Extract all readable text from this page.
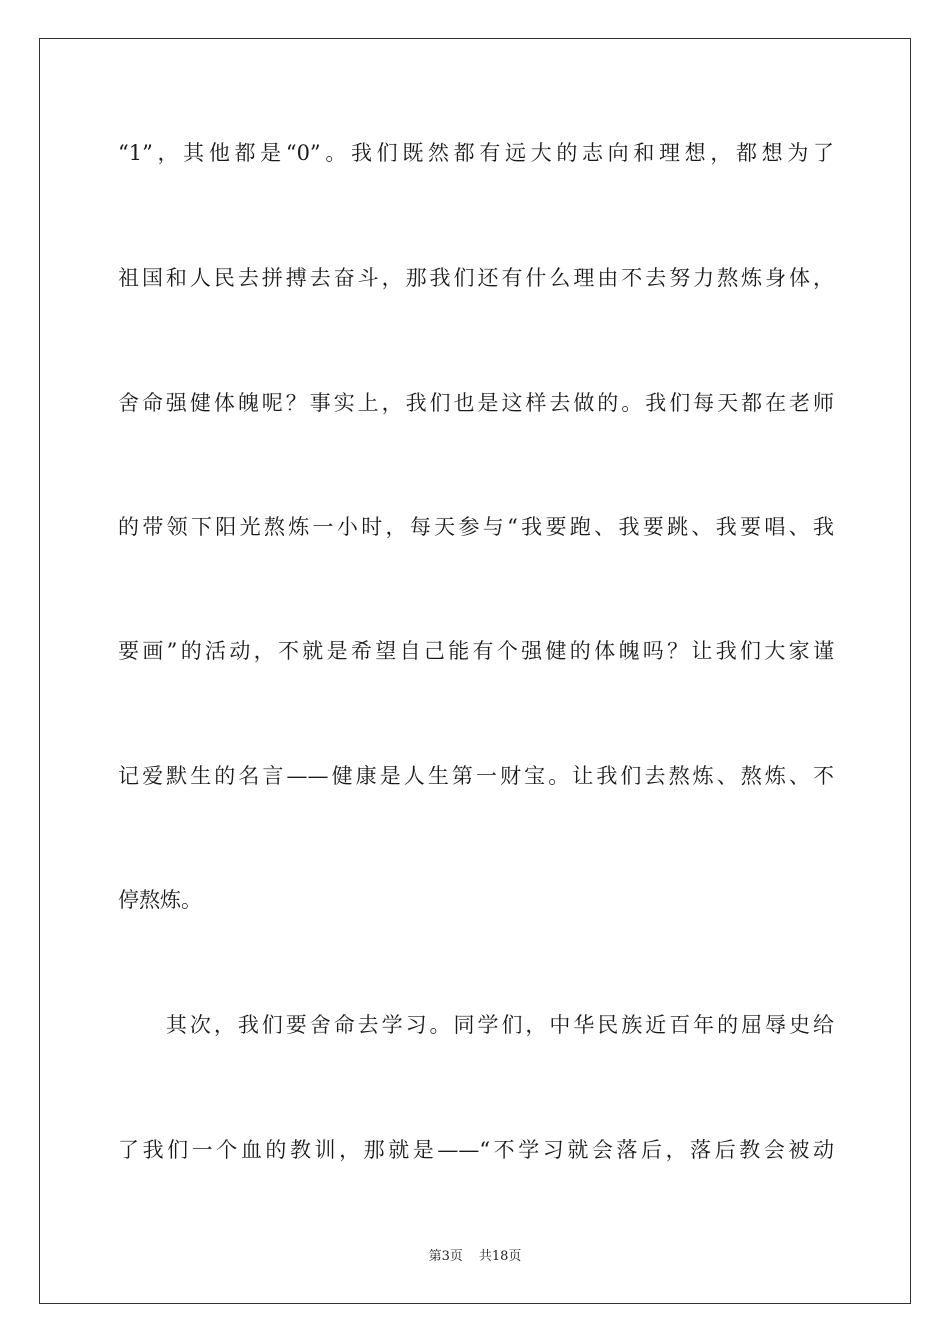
“1”，其他都是“0”。我们既然都有远大的志向和理想，都想为了
祖国和人民去拼搏去奋斗，那我们还有什么理由不去努力熬炼身体，
舍命强健体魄呢？事实上，我们也是这样去做的。我们每天都在老师
的带领下阳光熬炼一小时，每天参与“我要跑、我要跳、我要唱、我
要画”的活动，不就是希望自己能有个强健的体魄吗？让我们大家谨
记爱默生的名言——健康是人生第一财宝。让我们去熬炼、熬炼、不
停熬炼。
　　其次，我们要舍命去学习。同学们，中华民族近百年的屈辱史给
了我们一个血的教训，那就是——“不学习就会落后，落后教会被动
第3页 共18页
